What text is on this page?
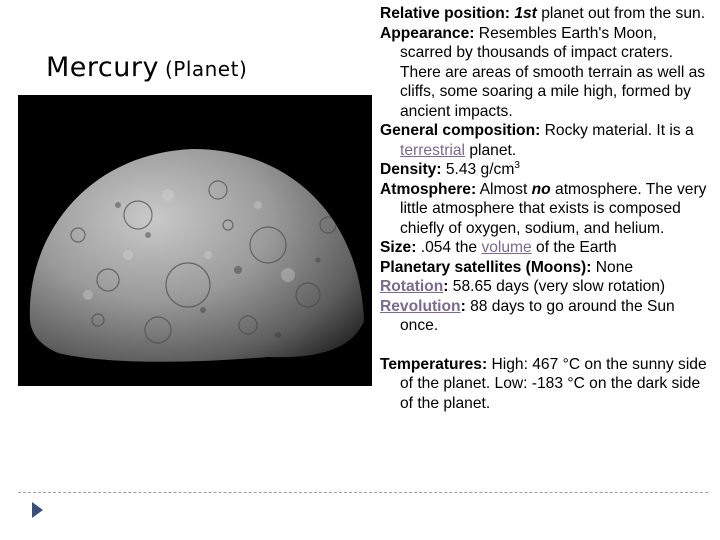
Mercury (Planet)
Relative position: 1st planet out from the sun.
Appearance: Resembles Earth's Moon, scarred by thousands of impact craters. There are areas of smooth terrain as well as cliffs, some soaring a mile high, formed by ancient impacts.
General composition: Rocky material. It is a terrestrial planet.
Density: 5.43 $g/cm^3$
Atmosphere: Almost no atmosphere. The very little atmosphere that exists is composed chiefly of oxygen, sodium, and helium.
Size: .054 the volume of the Earth
Planetary satellites (Moons): None
Rotation: 58.65 days (very slow rotation)
Revolution: 88 days to go around the Sun once.
Temperatures: High: 467 °C on the sunny side of the planet. Low: -183 °C on the dark side of the planet.
